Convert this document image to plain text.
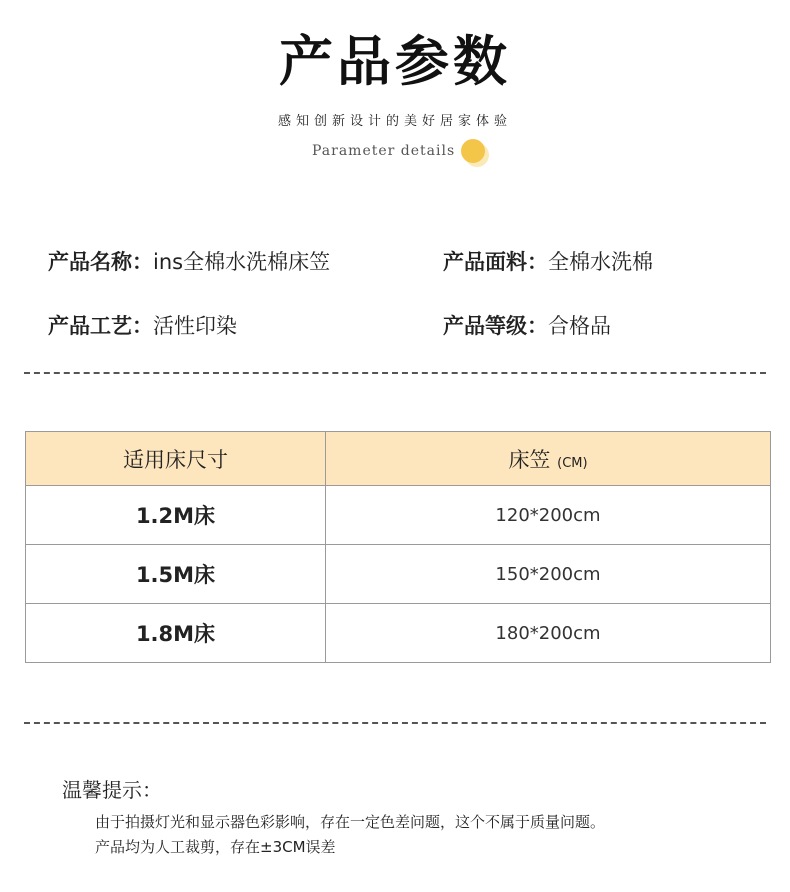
产品参数
感知创新设计的美好居家体验
Parameter details
产品名称：ins全棉水洗棉床笠	产品面料：全棉水洗棉
产品工艺：活性印染	产品等级：合格品
适用床尺寸	床笠 (CM)
1.2M床	120*200cm
1.5M床	150*200cm
1.8M床	180*200cm
温馨提示：
由于拍摄灯光和显示器色彩影响，存在一定色差问题，这个不属于质量问题。
产品均为人工裁剪，存在±3CM误差
